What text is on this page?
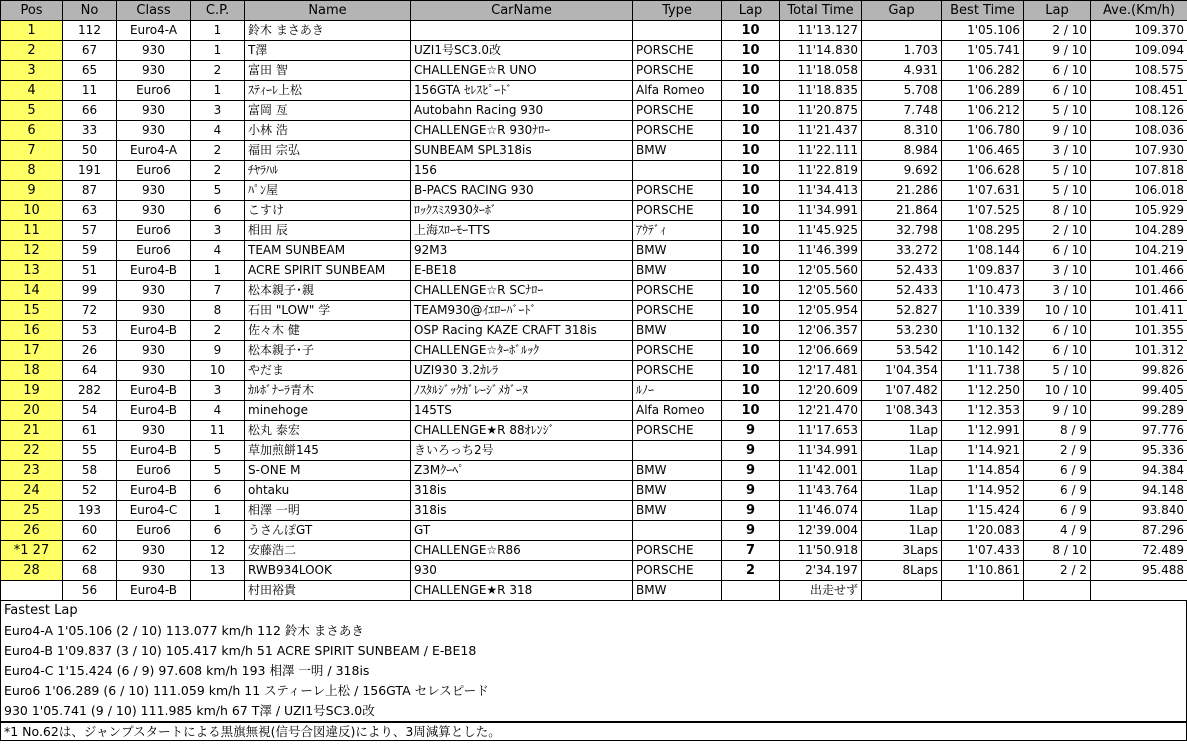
Pos	No	Class	C.P.	Name	CarName	Type	Lap	Total Time	Gap	Best Time	Lap	Ave.(Km/h)
1	112	Euro4-A	1	鈴木 まさあき			10	11'13.127		1'05.106	2 / 10	109.370
2	67	930	1	T澤	UZI1号SC3.0改	PORSCHE	10	11'14.830	1.703	1'05.741	9 / 10	109.094
3	65	930	2	富田 智	CHALLENGE☆R UNO	PORSCHE	10	11'18.058	4.931	1'06.282	6 / 10	108.575
4	11	Euro6	1	ｽﾃｨｰﾚ上松	156GTA ｾﾚｽﾋﾟｰﾄﾞ	Alfa Romeo	10	11'18.835	5.708	1'06.289	6 / 10	108.451
5	66	930	3	富岡 亙	Autobahn Racing 930	PORSCHE	10	11'20.875	7.748	1'06.212	5 / 10	108.126
6	33	930	4	小林 浩	CHALLENGE☆R 930ﾅﾛｰ	PORSCHE	10	11'21.437	8.310	1'06.780	9 / 10	108.036
7	50	Euro4-A	2	福田 宗弘	SUNBEAM SPL318is	BMW	10	11'22.111	8.984	1'06.465	3 / 10	107.930
8	191	Euro6	2	ﾁﾔﾗﾊﾙ	156		10	11'22.819	9.692	1'06.628	5 / 10	107.818
9	87	930	5	ﾊﾟﾝ屋	B-PACS RACING 930	PORSCHE	10	11'34.413	21.286	1'07.631	5 / 10	106.018
10	63	930	6	こすけ	ﾛｯｸｽﾐｽ930ﾀｰﾎﾞ	PORSCHE	10	11'34.991	21.864	1'07.525	8 / 10	105.929
11	57	Euro6	3	相田 辰	上海ｽﾛｰﾓｰTTS	ｱｳﾃﾞｨ	10	11'45.925	32.798	1'08.295	2 / 10	104.289
12	59	Euro6	4	TEAM SUNBEAM	92M3	BMW	10	11'46.399	33.272	1'08.144	6 / 10	104.219
13	51	Euro4-B	1	ACRE SPIRIT SUNBEAM	E-BE18	BMW	10	12'05.560	52.433	1'09.837	3 / 10	101.466
14	99	930	7	松本親子･親	CHALLENGE☆R SCﾅﾛｰ	PORSCHE	10	12'05.560	52.433	1'10.473	3 / 10	101.466
15	72	930	8	石田 "LOW" 学	TEAM930@ｲｴﾛｰﾊﾞｰﾄﾞ	PORSCHE	10	12'05.954	52.827	1'10.339	10 / 10	101.411
16	53	Euro4-B	2	佐々木 健	OSP Racing KAZE CRAFT 318is	BMW	10	12'06.357	53.230	1'10.132	6 / 10	101.355
17	26	930	9	松本親子･子	CHALLENGE☆ﾀｰﾎﾞﾙｯｸ	PORSCHE	10	12'06.669	53.542	1'10.142	6 / 10	101.312
18	64	930	10	やだま	UZI930 3.2ｶﾚﾗ	PORSCHE	10	12'17.481	1'04.354	1'11.738	5 / 10	99.826
19	282	Euro4-B	3	ｶﾙﾎﾞﾅｰﾗ青木	ﾉｽﾀﾙｼﾞｯｸｶﾞﾚｰｼﾞﾒｶﾞｰﾇ	ﾙﾉｰ	10	12'20.609	1'07.482	1'12.250	10 / 10	99.405
20	54	Euro4-B	4	minehoge	145TS	Alfa Romeo	10	12'21.470	1'08.343	1'12.353	9 / 10	99.289
21	61	930	11	松丸 泰宏	CHALLENGE★R 88ｵﾚﾝｼﾞ	PORSCHE	9	11'17.653	1Lap	1'12.991	8 / 9	97.776
22	55	Euro4-B	5	草加煎餅145	きいろっち2号		9	11'34.991	1Lap	1'14.921	2 / 9	95.336
23	58	Euro6	5	S-ONE M	Z3Mｸｰﾍﾟ	BMW	9	11'42.001	1Lap	1'14.854	6 / 9	94.384
24	52	Euro4-B	6	ohtaku	318is	BMW	9	11'43.764	1Lap	1'14.952	6 / 9	94.148
25	193	Euro4-C	1	相澤 一明	318is	BMW	9	11'46.074	1Lap	1'15.424	6 / 9	93.840
26	60	Euro6	6	うさんぽGT	GT		9	12'39.004	1Lap	1'20.083	4 / 9	87.296
*1 27	62	930	12	安藤浩二	CHALLENGE☆R86	PORSCHE	7	11'50.918	3Laps	1'07.433	8 / 10	72.489
28	68	930	13	RWB934LOOK	930	PORSCHE	2	2'34.197	8Laps	1'10.861	2 / 2	95.488
	56	Euro4-B		村田裕貴	CHALLENGE★R 318	BMW		出走せず				
Fastest Lap
Euro4-A 1'05.106 (2 / 10) 113.077 km/h 112 鈴木 まさあき
Euro4-B 1'09.837 (3 / 10) 105.417 km/h 51 ACRE SPIRIT SUNBEAM / E-BE18
Euro4-C 1'15.424 (6 / 9) 97.608 km/h 193 相澤 一明 / 318is
Euro6 1'06.289 (6 / 10) 111.059 km/h 11 スティーレ上松 / 156GTA セレスピード
930 1'05.741 (9 / 10) 111.985 km/h 67 T澤 / UZI1号SC3.0改
*1 No.62は、ジャンプスタートによる黒旗無視(信号合図違反)により、3周減算とした。
